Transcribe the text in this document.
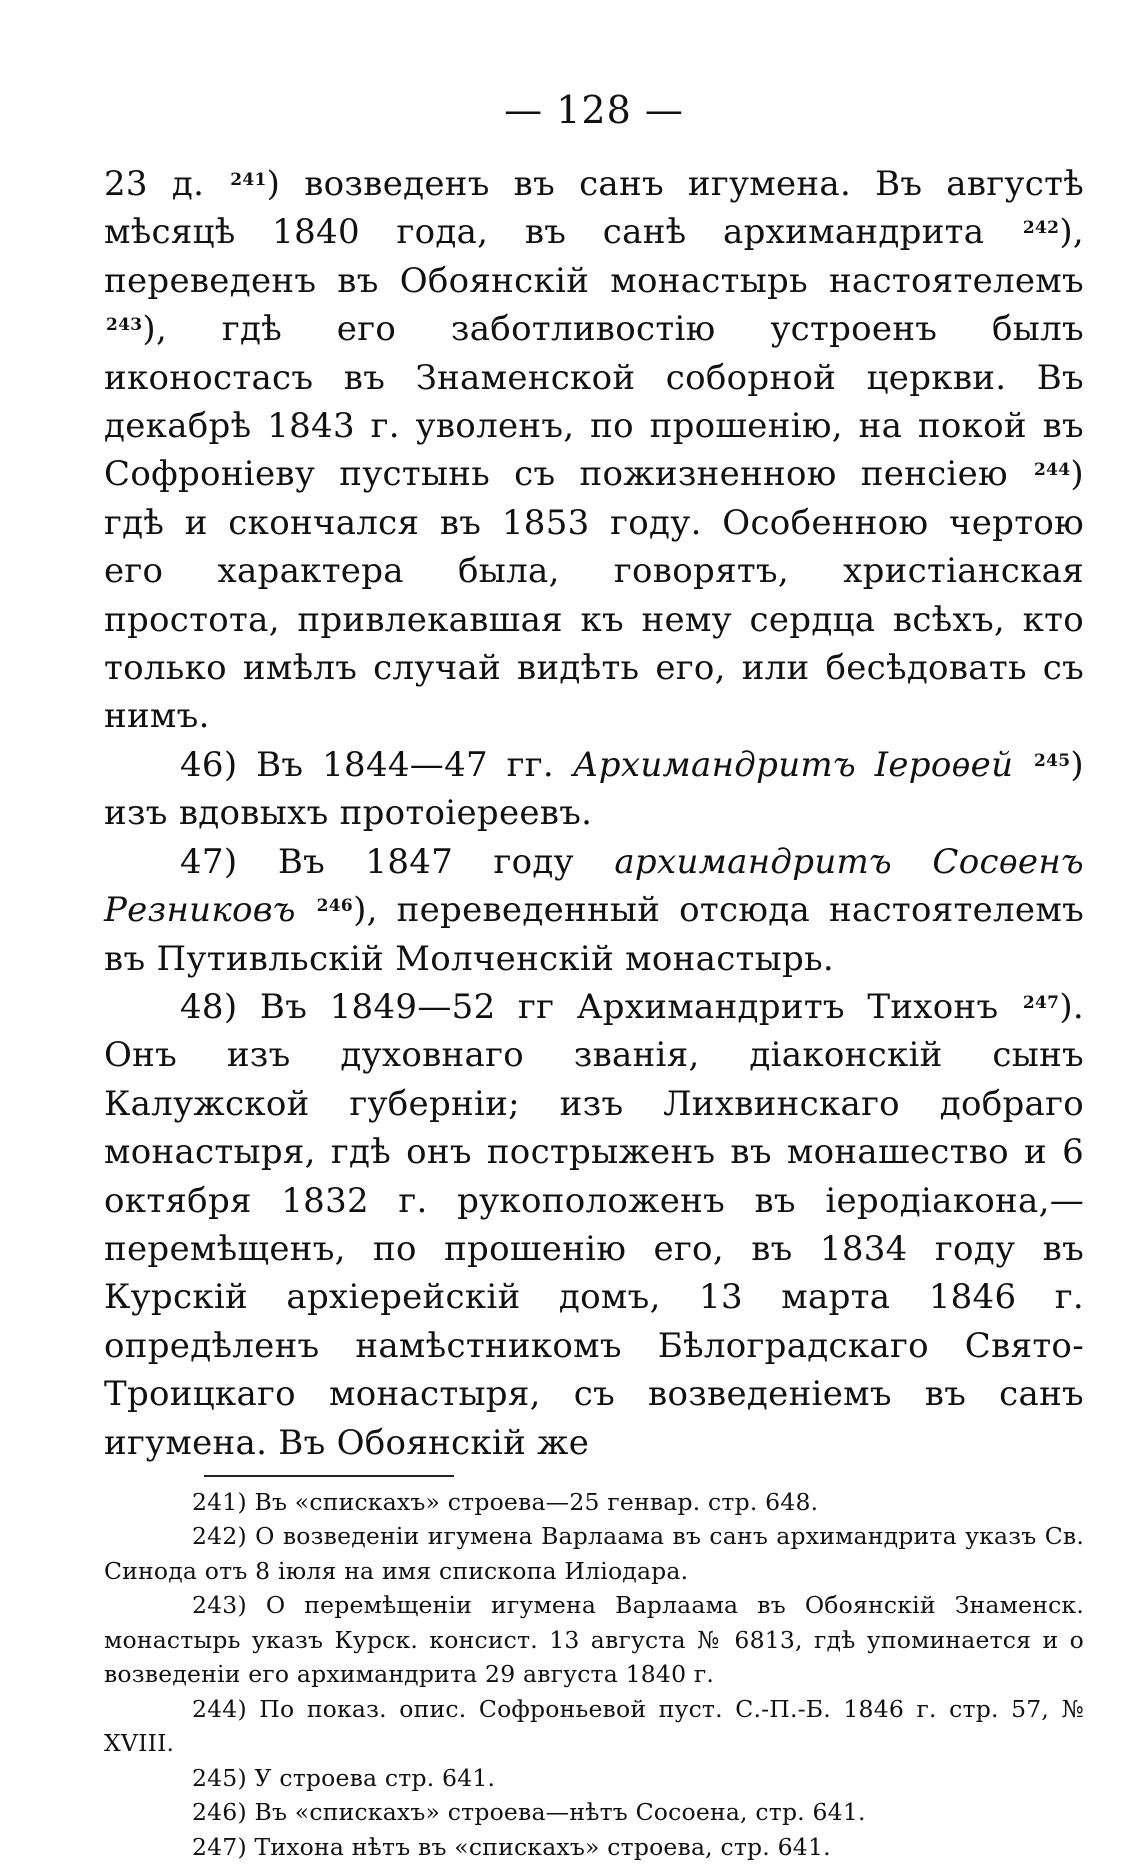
— 128 —

23 д. $^{241}$) возведенъ въ санъ игумена. Въ августѣ мѣсяцѣ 1840 года, въ санѣ архимандрита $^{242}$), переведенъ въ Обоянскій монастырь настоятелемъ $^{243}$), гдѣ его заботливостію устроенъ былъ иконостасъ въ Знаменской соборной церкви. Въ декабрѣ 1843 г. уволенъ, по прошенію, на покой въ Софроніеву пустынь съ пожизненною пенсіею $^{244}$) гдѣ и скончался въ 1853 году. Особенною чертою его характера была, говорятъ, христіанская простота, привлекавшая къ нему сердца всѣхъ, кто только имѣлъ случай видѣть его, или бесѣдовать съ нимъ.

46) Въ 1844—47 гг. Архимандритъ Іероѳей $^{245}$) изъ вдовыхъ протоіереевъ.

47) Въ 1847 году архимандритъ Сосѳенъ Резниковъ $^{246}$), переведенный отсюда настоятелемъ въ Путивльскій Молченскій монастырь.

48) Въ 1849—52 гг Архимандритъ Тихонъ $^{247}$). Онъ изъ духовнаго званія, діаконскій сынъ Калужской губерніи; изъ Лихвинскаго добраго монастыря, гдѣ онъ пострыженъ въ монашество и 6 октября 1832 г. рукоположенъ въ іеродіакона,—перемѣщенъ, по прошенію его, въ 1834 году въ Курскій архіерейскій домъ, 13 марта 1846 г. опредѣленъ намѣстникомъ Бѣлоградскаго Свято-Троицкаго монастыря, съ возведеніемъ въ санъ игумена. Въ Обоянскій же

241) Въ «спискахъ» строева—25 генвар. стр. 648.

242) О возведеніи игумена Варлаама въ санъ архимандрита указъ Св. Синода отъ 8 іюля на имя спископа Иліодара.

243) О перемѣщеніи игумена Варлаама въ Обоянскій Знаменск. монастырь указъ Курск. конcист. 13 августа № 6813, гдѣ упоминается и о возведеніи его архимандрита 29 августа 1840 г.

244) По показ. опис. Софроньевой пуст. С.-П.-Б. 1846 г. стр. 57, № XVIII.

245) У строева стр. 641.

246) Въ «спискахъ» строева—нѣтъ Сосоена, стр. 641.

247) Тихона нѣтъ въ «спискахъ» строева, стр. 641.
